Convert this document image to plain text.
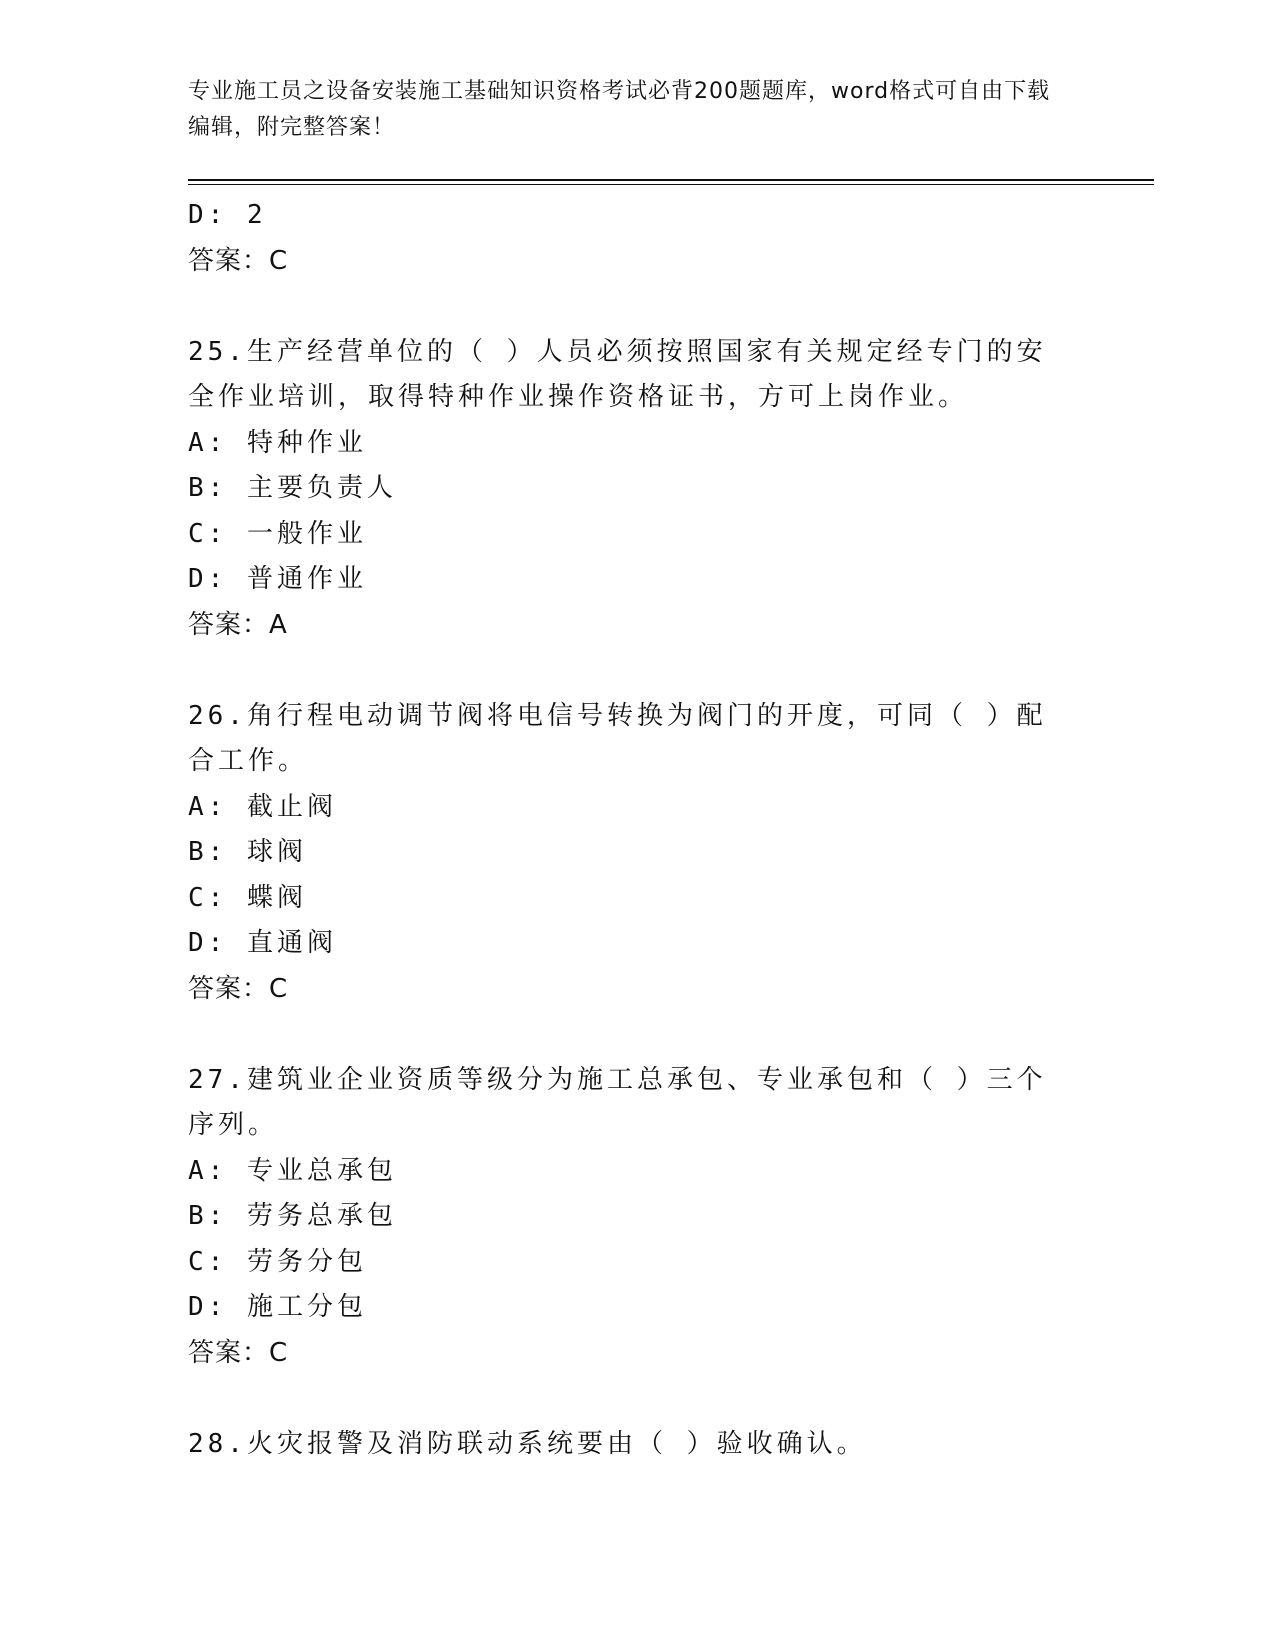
专业施工员之设备安装施工基础知识资格考试必背200题题库，word格式可自由下载编辑，附完整答案！
D: 2
答案：C
25.生产经营单位的（ ）人员必须按照国家有关规定经专门的安全作业培训，取得特种作业操作资格证书，方可上岗作业。
A: 特种作业
B: 主要负责人
C: 一般作业
D: 普通作业
答案：A
26.角行程电动调节阀将电信号转换为阀门的开度，可同（ ）配合工作。
A: 截止阀
B: 球阀
C: 蝶阀
D: 直通阀
答案：C
27.建筑业企业资质等级分为施工总承包、专业承包和（ ）三个序列。
A: 专业总承包
B: 劳务总承包
C: 劳务分包
D: 施工分包
答案：C
28.火灾报警及消防联动系统要由（ ）验收确认。
